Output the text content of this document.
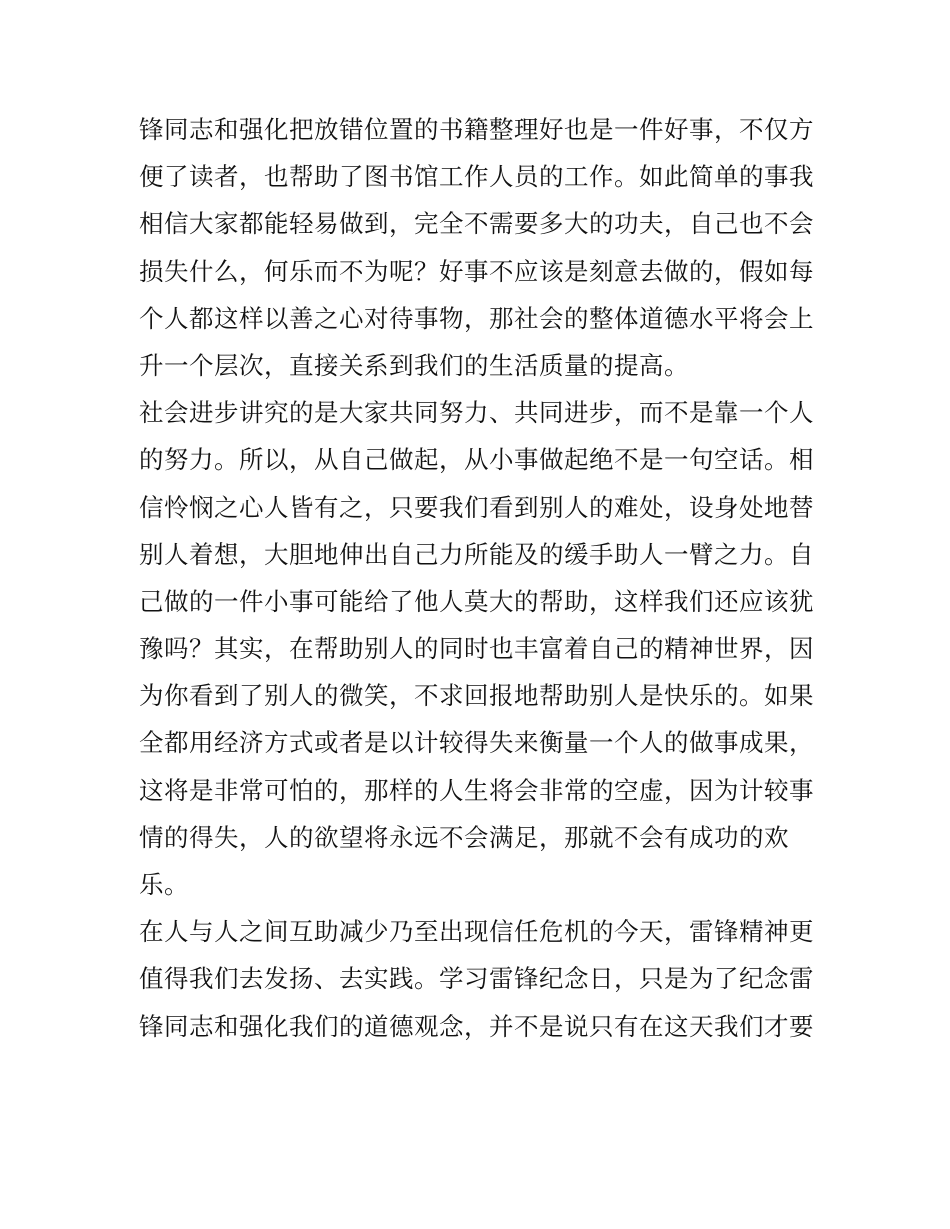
锋同志和强化把放错位置的书籍整理好也是一件好事，不仅方
便了读者，也帮助了图书馆工作人员的工作。如此简单的事我
相信大家都能轻易做到，完全不需要多大的功夫，自己也不会
损失什么，何乐而不为呢？好事不应该是刻意去做的，假如每
个人都这样以善之心对待事物，那社会的整体道德水平将会上
升一个层次，直接关系到我们的生活质量的提高。
社会进步讲究的是大家共同努力、共同进步，而不是靠一个人
的努力。所以，从自己做起，从小事做起绝不是一句空话。相
信怜悯之心人皆有之，只要我们看到别人的难处，设身处地替
别人着想，大胆地伸出自己力所能及的缓手助人一臂之力。自
己做的一件小事可能给了他人莫大的帮助，这样我们还应该犹
豫吗？其实，在帮助别人的同时也丰富着自己的精神世界，因
为你看到了别人的微笑，不求回报地帮助别人是快乐的。如果
全都用经济方式或者是以计较得失来衡量一个人的做事成果，
这将是非常可怕的，那样的人生将会非常的空虚，因为计较事
情的得失，人的欲望将永远不会满足，那就不会有成功的欢
乐。
在人与人之间互助减少乃至出现信任危机的今天，雷锋精神更
值得我们去发扬、去实践。学习雷锋纪念日，只是为了纪念雷
锋同志和强化我们的道德观念，并不是说只有在这天我们才要
